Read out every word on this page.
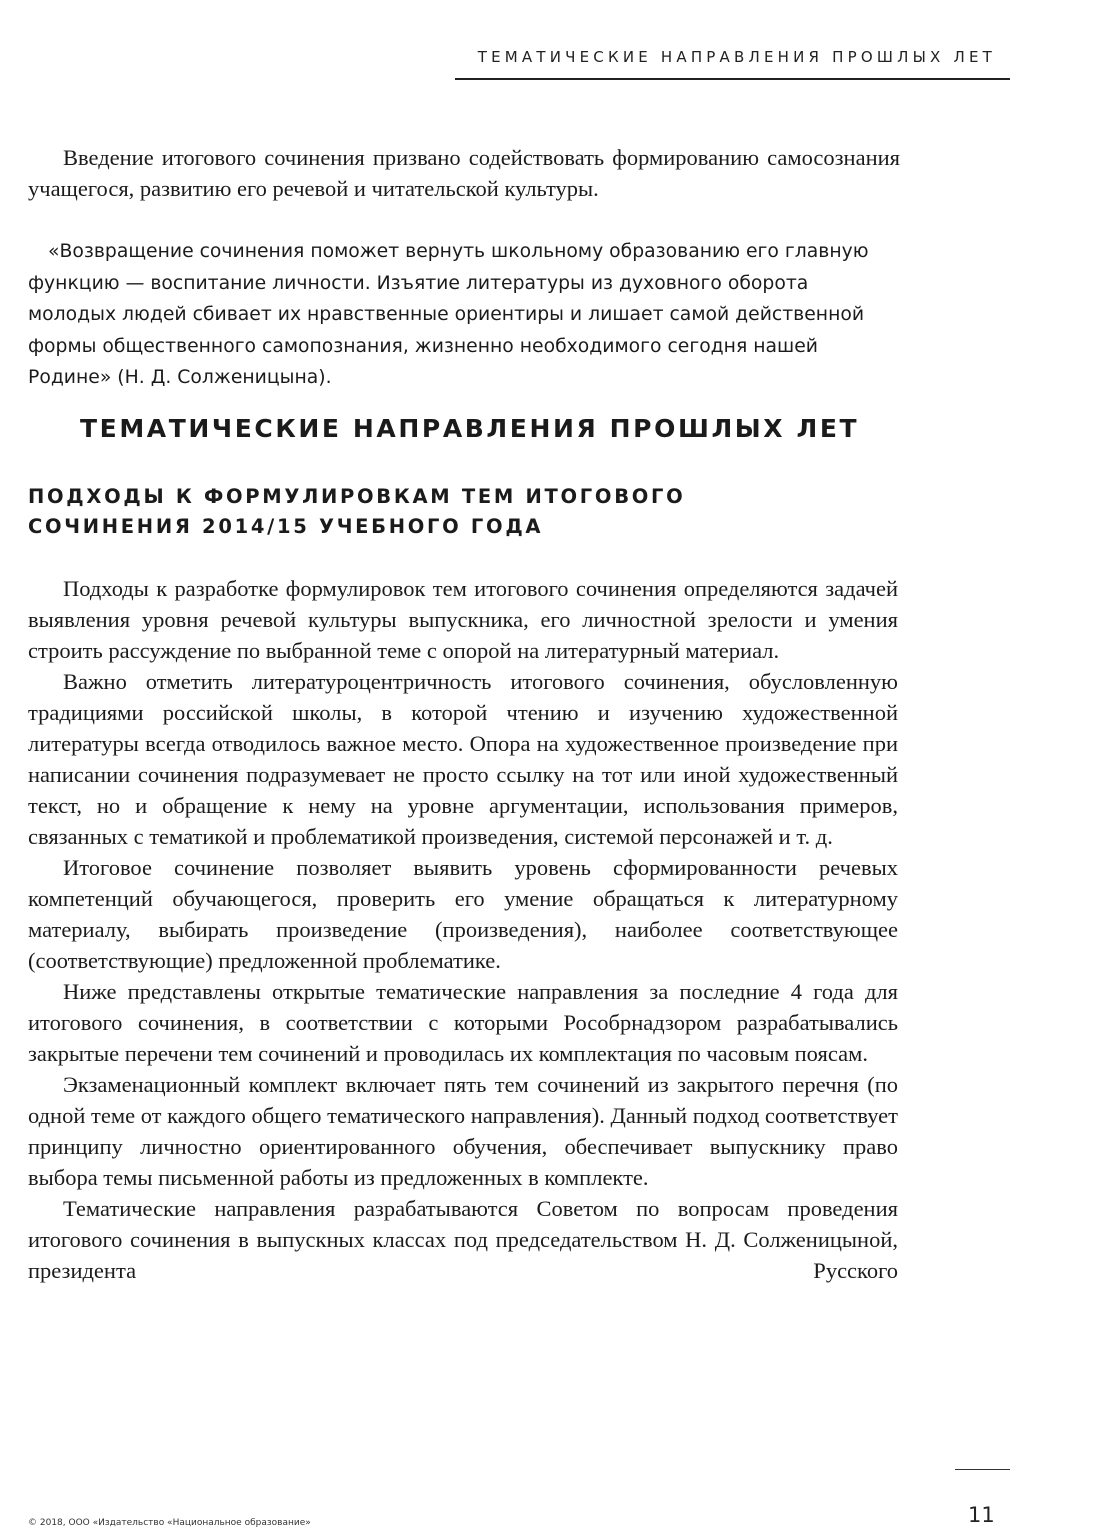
ТЕМАТИЧЕСКИЕ НАПРАВЛЕНИЯ ПРОШЛЫХ ЛЕТ

Введение итогового сочинения призвано содействовать формированию самосознания учащегося, развитию его речевой и читательской культуры.

«Возвращение сочинения поможет вернуть школьному образованию его главную функцию — воспитание личности. Изъятие литературы из духовного оборота молодых людей сбивает их нравственные ориентиры и лишает самой действенной формы общественного самопознания, жизненно необходимого сегодня нашей Родине» (Н. Д. Солженицына).

ТЕМАТИЧЕСКИЕ НАПРАВЛЕНИЯ ПРОШЛЫХ ЛЕТ
ПОДХОДЫ К ФОРМУЛИРОВКАМ ТЕМ ИТОГОВОГО
СОЧИНЕНИЯ 2014/15 УЧЕБНОГО ГОДА

Подходы к разработке формулировок тем итогового сочинения определяются задачей выявления уровня речевой культуры выпускника, его личностной зрелости и умения строить рассуждение по выбранной теме с опорой на литературный материал.

Важно отметить литературоцентричность итогового сочинения, обусловленную традициями российской школы, в которой чтению и изучению художественной литературы всегда отводилось важное место. Опора на художественное произведение при написании сочинения подразумевает не просто ссылку на тот или иной художественный текст, но и обращение к нему на уровне аргументации, использования примеров, связанных с тематикой и проблематикой произведения, системой персонажей и т. д.

Итоговое сочинение позволяет выявить уровень сформированности речевых компетенций обучающегося, проверить его умение обращаться к литературному материалу, выбирать произведение (произведения), наиболее соответствующее (соответствующие) предложенной проблематике.

Ниже представлены открытые тематические направления за последние 4 года для итогового сочинения, в соответствии с которыми Рособрнадзором разрабатывались закрытые перечени тем сочинений и проводилась их комплектация по часовым поясам.

Экзаменационный комплект включает пять тем сочинений из закрытого перечня (по одной теме от каждого общего тематического направления). Данный подход соответствует принципу личностно ориентированного обучения, обеспечивает выпускнику право выбора темы письменной работы из предложенных в комплекте.

Тематические направления разрабатываются Советом по вопросам проведения итогового сочинения в выпускных классах под председательством Н. Д. Солженицыной, президента Русского

© 2018, ООО «Издательство «Национальное образование»	11
